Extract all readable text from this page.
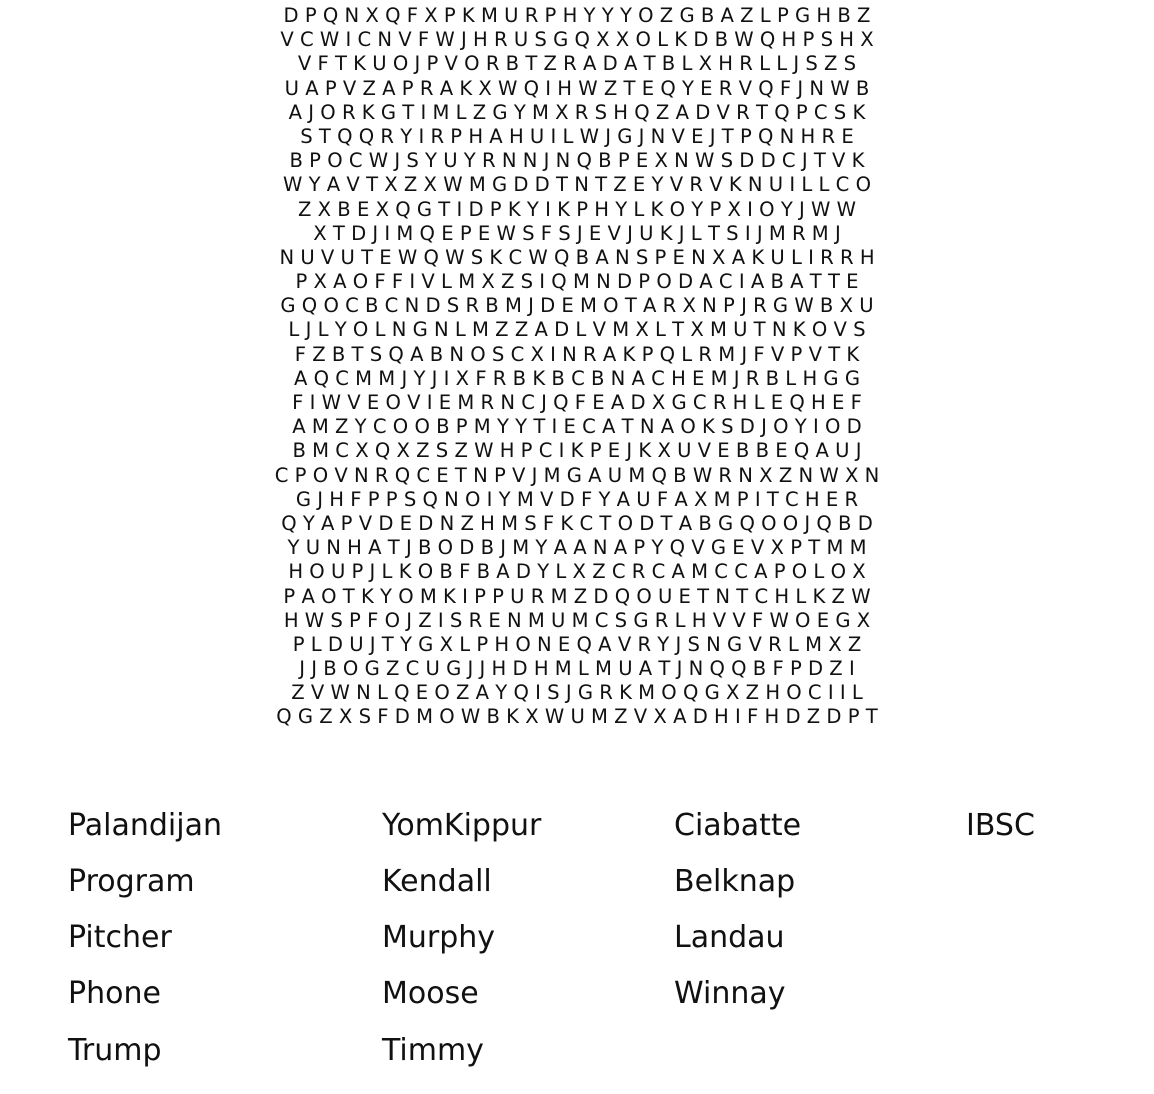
D P Q N X Q F X P K M U R P H Y Y Y O Z G B A Z L P G H B Z
V C W I C N V F W J H R U S G Q X X O L K D B W Q H P S H X
V F T K U O J P V O R B T Z R A D A T B L X H R L L J S Z S
U A P V Z A P R A K X W Q I H W Z T E Q Y E R V Q F J N W B
A J O R K G T I M L Z G Y M X R S H Q Z A D V R T Q P C S K
S T Q Q R Y I R P H A H U I L W J G J N V E J T P Q N H R E
B P O C W J S Y U Y R N N J N Q B P E X N W S D D C J T V K
W Y A V T X Z X W M G D D T N T Z E Y V R V K N U I L L C O
Z X B E X Q G T I D P K Y I K P H Y L K O Y P X I O Y J W W
X T D J I M Q E P E W S F S J E V J U K J L T S I J M R M J
N U V U T E W Q W S K C W Q B A N S P E N X A K U L I R R H
P X A O F F I V L M X Z S I Q M N D P O D A C I A B A T T E
G Q O C B C N D S R B M J D E M O T A R X N P J R G W B X U
L J L Y O L N G N L M Z Z A D L V M X L T X M U T N K O V S
F Z B T S Q A B N O S C X I N R A K P Q L R M J F V P V T K
A Q C M M J Y J I X F R B K B C B N A C H E M J R B L H G G
F I W V E O V I E M R N C J Q F E A D X G C R H L E Q H E F
A M Z Y C O O B P M Y Y T I E C A T N A O K S D J O Y I O D
B M C X Q X Z S Z W H P C I K P E J K X U V E B B E Q A U J
C P O V N R Q C E T N P V J M G A U M Q B W R N X Z N W X N
G J H F P P S Q N O I Y M V D F Y A U F A X M P I T C H E R
Q Y A P V D E D N Z H M S F K C T O D T A B G Q O O J Q B D
Y U N H A T J B O D B J M Y A A N A P Y Q V G E V X P T M M
H O U P J L K O B F B A D Y L X Z C R C A M C C A P O L O X
P A O T K Y O M K I P P U R M Z D Q O U E T N T C H L K Z W
H W S P F O J Z I S R E N M U M C S G R L H V V F W O E G X
P L D U J T Y G X L P H O N E Q A V R Y J S N G V R L M X Z
J J B O G Z C U G J J H D H M L M U A T J N Q Q B F P D Z I
Z V W N L Q E O Z A Y Q I S J G R K M O Q G X Z H O C I I L
Q G Z X S F D M O W B K X W U M Z V X A D H I F H D Z D P T
Palandijan
Program
Pitcher
Phone
Trump
YomKippur
Kendall
Murphy
Moose
Timmy
Ciabatte
Belknap
Landau
Winnay
IBSC
